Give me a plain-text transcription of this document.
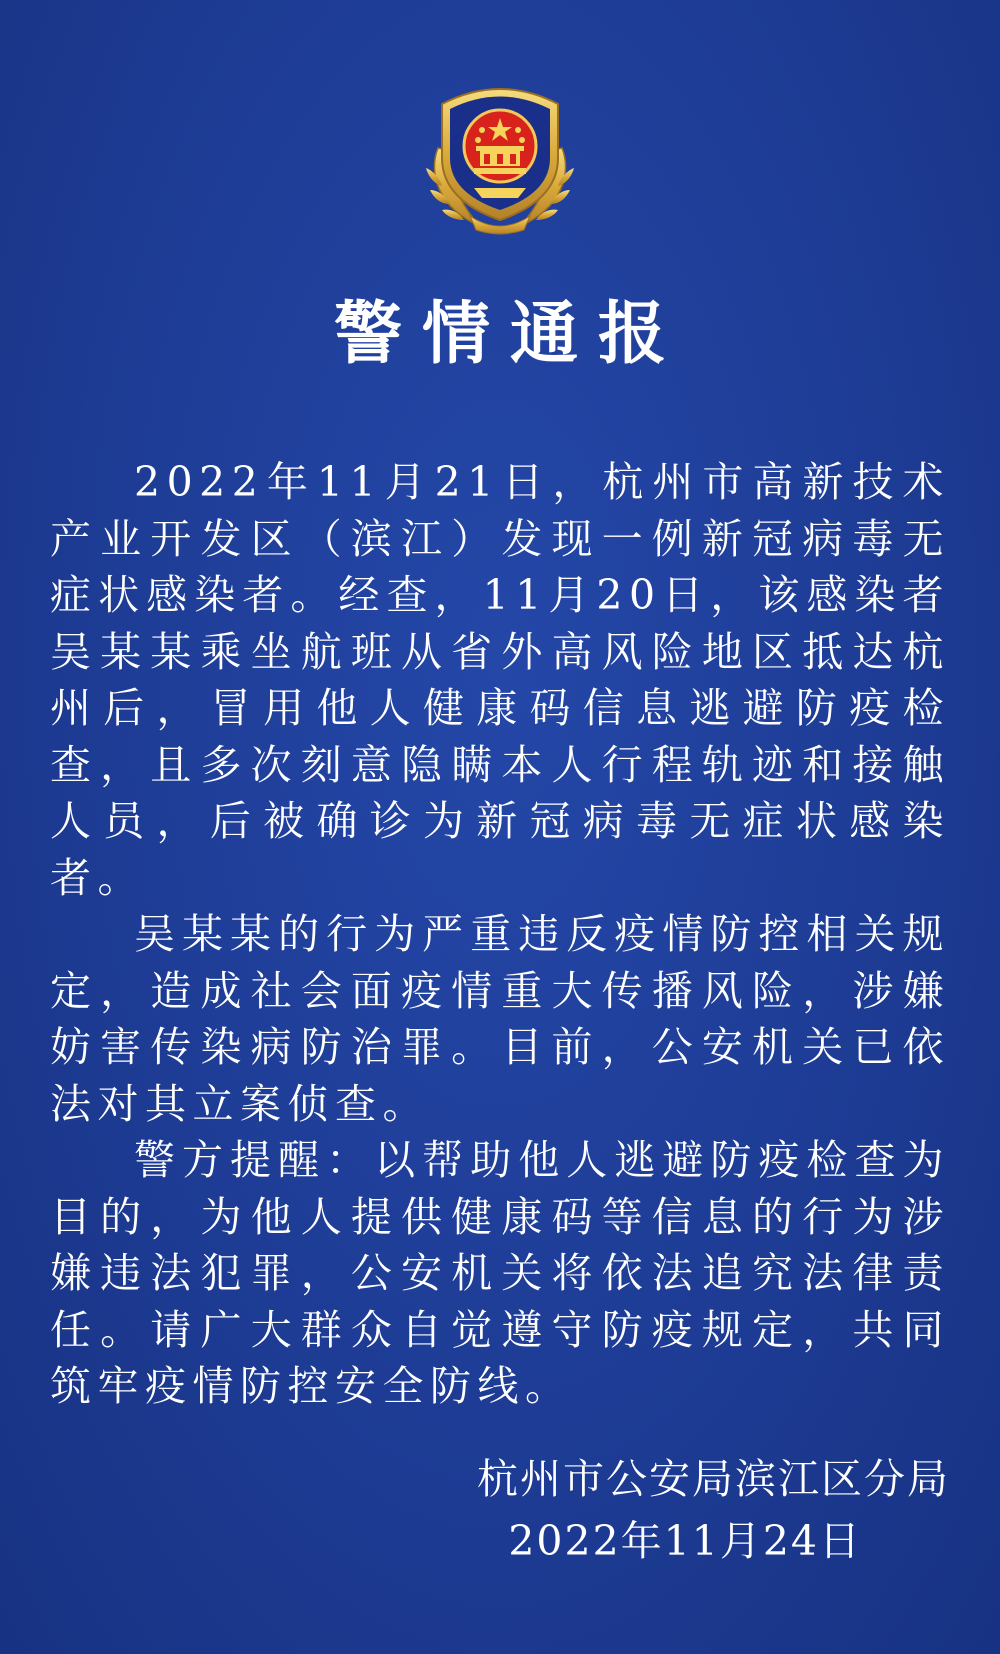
警情通报

2022年11月21日，杭州市高新技术产业开发区（滨江）发现一例新冠病毒无症状感染者。经查，11月20日，该感染者吴某某乘坐航班从省外高风险地区抵达杭州后，冒用他人健康码信息逃避防疫检查，且多次刻意隐瞒本人行程轨迹和接触人员，后被确诊为新冠病毒无症状感染者。

吴某某的行为严重违反疫情防控相关规定，造成社会面疫情重大传播风险，涉嫌妨害传染病防治罪。目前，公安机关已依法对其立案侦查。

警方提醒：以帮助他人逃避防疫检查为目的，为他人提供健康码等信息的行为涉嫌违法犯罪，公安机关将依法追究法律责任。请广大群众自觉遵守防疫规定，共同筑牢疫情防控安全防线。

杭州市公安局滨江区分局
2022年11月24日
